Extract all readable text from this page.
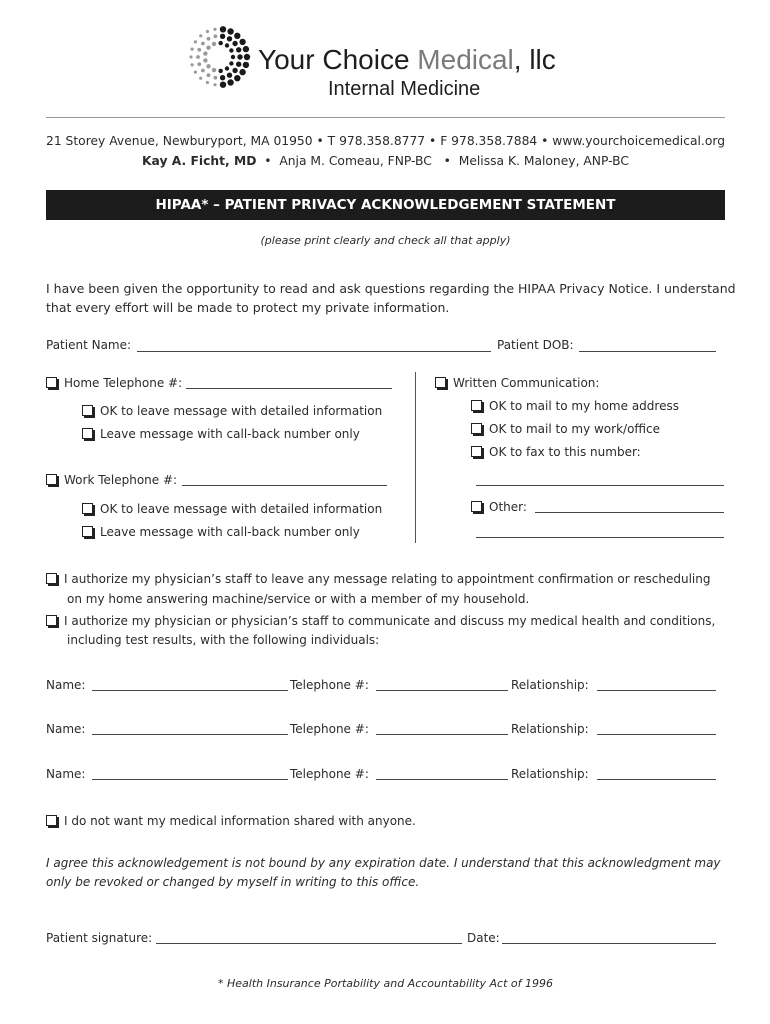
Your Choice Medical, llc
Internal Medicine
21 Storey Avenue, Newburyport, MA 01950 • T 978.358.8777 • F 978.358.7884 • www.yourchoicemedical.org
Kay A. Ficht, MD • Anja M. Comeau, FNP-BC • Melissa K. Maloney, ANP-BC
HIPAA* – PATIENT PRIVACY ACKNOWLEDGEMENT STATEMENT
(please print clearly and check all that apply)
I have been given the opportunity to read and ask questions regarding the HIPAA Privacy Notice. I understand
that every effort will be made to protect my private information.
Patient Name:	Patient DOB:
Home Telephone #:
OK to leave message with detailed information
Leave message with call-back number only
Work Telephone #:
OK to leave message with detailed information
Leave message with call-back number only
Written Communication:
OK to mail to my home address
OK to mail to my work/office
OK to fax to this number:
Other:
I authorize my physician’s staff to leave any message relating to appointment confirmation or rescheduling
on my home answering machine/service or with a member of my household.
I authorize my physician or physician’s staff to communicate and discuss my medical health and conditions,
including test results, with the following individuals:
Name:	Telephone #:	Relationship:
Name:	Telephone #:	Relationship:
Name:	Telephone #:	Relationship:
I do not want my medical information shared with anyone.
I agree this acknowledgement is not bound by any expiration date. I understand that this acknowledgment may
only be revoked or changed by myself in writing to this office.
Patient signature:	Date:
* Health Insurance Portability and Accountability Act of 1996
